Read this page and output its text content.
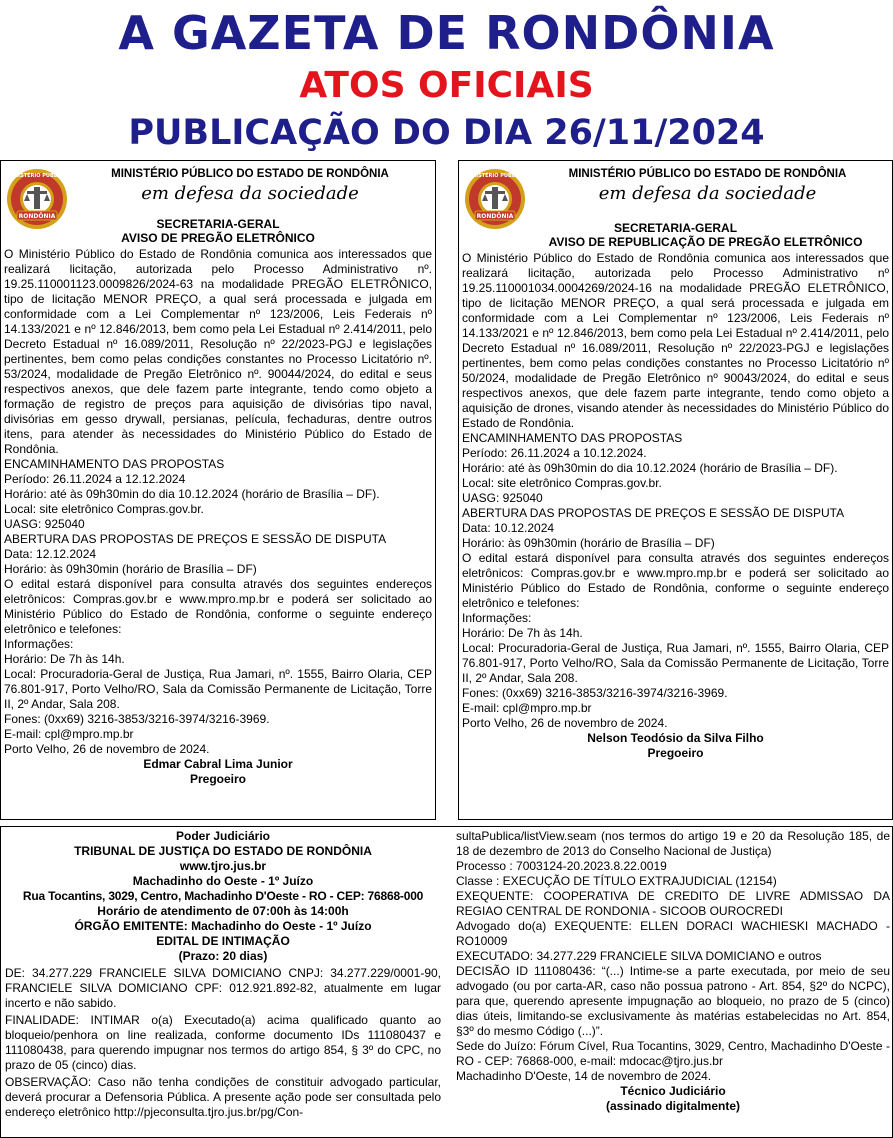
A GAZETA DE RONDÔNIA
ATOS OFICIAIS
PUBLICAÇÃO DO DIA 26/11/2024
RONDÔNIA
MINISTÉRIO PÚBLICO	MINISTÉRIO PÚBLICO DO ESTADO DE RONDÔNIA
em defesa da sociedade
SECRETARIA-GERAL
AVISO DE PREGÃO ELETRÔNICO

O Ministério Público do Estado de Rondônia comunica aos interessados que realizará licitação, autorizada pelo Processo Administrativo nº. 19.25.110001123.0009826/2024-63 na modalidade PREGÃO ELETRÔNICO, tipo de licitação MENOR PREÇO, a qual será processada e julgada em conformidade com a Lei Complementar nº 123/2006, Leis Federais nº 14.133/2021 e nº 12.846/2013, bem como pela Lei Estadual nº 2.414/2011, pelo Decreto Estadual nº 16.089/2011, Resolução nº 22/2023-PGJ e legislações pertinentes, bem como pelas condições constantes no Processo Licitatório nº. 53/2024, modalidade de Pregão Eletrônico nº. 90044/2024, do edital e seus respectivos anexos, que dele fazem parte integrante, tendo como objeto a formação de registro de preços para aquisição de divisórias tipo naval, divisórias em gesso drywall, persianas, película, fechaduras, dentre outros itens, para atender às necessidades do Ministério Público do Estado de Rondônia.

ENCAMINHAMENTO DAS PROPOSTAS

Período: 26.11.2024 a 12.12.2024

Horário: até às 09h30min do dia 10.12.2024 (horário de Brasília – DF).

Local: site eletrônico Compras.gov.br.

UASG: 925040

ABERTURA DAS PROPOSTAS DE PREÇOS E SESSÃO DE DISPUTA

Data: 12.12.2024

Horário: às 09h30min (horário de Brasília – DF)

O edital estará disponível para consulta através dos seguintes endereços eletrônicos: Compras.gov.br e www.mpro.mp.br e poderá ser solicitado ao Ministério Público do Estado de Rondônia, conforme o seguinte endereço eletrônico e telefones:

Informações:

Horário: De 7h às 14h.

Local: Procuradoria-Geral de Justiça, Rua Jamari, nº. 1555, Bairro Olaria, CEP 76.801-917, Porto Velho/RO, Sala da Comissão Permanente de Licitação, Torre II, 2º Andar, Sala 208.

Fones: (0xx69) 3216-3853/3216-3974/3216-3969.

E-mail: cpl@mpro.mp.br

Porto Velho, 26 de novembro de 2024.

Edmar Cabral Lima Junior

Pregoeiro

RONDÔNIA
MINISTÉRIO PÚBLICO	MINISTÉRIO PÚBLICO DO ESTADO DE RONDÔNIA
em defesa da sociedade
SECRETARIA-GERAL
AVISO DE REPUBLICAÇÃO DE PREGÃO ELETRÔNICO

O Ministério Público do Estado de Rondônia comunica aos interessados que realizará licitação, autorizada pelo Processo Administrativo nº 19.25.110001034.0004269/2024-16 na modalidade PREGÃO ELETRÔNICO, tipo de licitação MENOR PREÇO, a qual será processada e julgada em conformidade com a Lei Complementar nº 123/2006, Leis Federais nº 14.133/2021 e nº 12.846/2013, bem como pela Lei Estadual nº 2.414/2011, pelo Decreto Estadual nº 16.089/2011, Resolução nº 22/2023-PGJ e legislações pertinentes, bem como pelas condições constantes no Processo Licitatório nº 50/2024, modalidade de Pregão Eletrônico nº 90043/2024, do edital e seus respectivos anexos, que dele fazem parte integrante, tendo como objeto a aquisição de drones, visando atender às necessidades do Ministério Público do Estado de Rondônia.

ENCAMINHAMENTO DAS PROPOSTAS

Período: 26.11.2024 a 10.12.2024.

Horário: até às 09h30min do dia 10.12.2024 (horário de Brasília – DF).

Local: site eletrônico Compras.gov.br.

UASG: 925040

ABERTURA DAS PROPOSTAS DE PREÇOS E SESSÃO DE DISPUTA

Data: 10.12.2024

Horário: às 09h30min (horário de Brasília – DF)

O edital estará disponível para consulta através dos seguintes endereços eletrônicos: Compras.gov.br e www.mpro.mp.br e poderá ser solicitado ao Ministério Público do Estado de Rondônia, conforme o seguinte endereço eletrônico e telefones:

Informações:

Horário: De 7h às 14h.

Local: Procuradoria-Geral de Justiça, Rua Jamari, nº. 1555, Bairro Olaria, CEP 76.801-917, Porto Velho/RO, Sala da Comissão Permanente de Licitação, Torre II, 2º Andar, Sala 208.

Fones: (0xx69) 3216-3853/3216-3974/3216-3969.

E-mail: cpl@mpro.mp.br

Porto Velho, 26 de novembro de 2024.

Nelson Teodósio da Silva Filho

Pregoeiro

Poder Judiciário

TRIBUNAL DE JUSTIÇA DO ESTADO DE RONDÔNIA

www.tjro.jus.br

Machadinho do Oeste - 1º Juízo

Rua Tocantins, 3029, Centro, Machadinho D'Oeste - RO - CEP: 76868-000

Horário de atendimento de 07:00h às 14:00h

ÓRGÃO EMITENTE: Machadinho do Oeste - 1º Juízo

EDITAL DE INTIMAÇÃO

(Prazo: 20 dias)

DE: 34.277.229 FRANCIELE SILVA DOMICIANO CNPJ: 34.277.229/0001-90, FRANCIELE SILVA DOMICIANO CPF: 012.921.892-82, atualmente em lugar incerto e não sabido.

FINALIDADE: INTIMAR o(a) Executado(a) acima qualificado quanto ao bloqueio/penhora on line realizada, conforme documento IDs 111080437 e 111080438, para querendo impugnar nos termos do artigo 854, § 3º do CPC, no prazo de 05 (cinco) dias.

OBSERVAÇÃO: Caso não tenha condições de constituir advogado particular, deverá procurar a Defensoria Pública. A presente ação pode ser consultada pelo endereço eletrônico http://pjeconsulta.tjro.jus.br/pg/Con-

sultaPublica/listView.seam (nos termos do artigo 19 e 20 da Resolução 185, de 18 de dezembro de 2013 do Conselho Nacional de Justiça)

Processo : 7003124-20.2023.8.22.0019

Classe : EXECUÇÃO DE TÍTULO EXTRAJUDICIAL (12154)

EXEQUENTE: COOPERATIVA DE CREDITO DE LIVRE ADMISSAO DA REGIAO CENTRAL DE RONDONIA - SICOOB OUROCREDI

Advogado do(a) EXEQUENTE: ELLEN DORACI WACHIESKI MACHADO - RO10009

EXECUTADO: 34.277.229 FRANCIELE SILVA DOMICIANO e outros

DECISÃO ID 111080436: “(...) Intime-se a parte executada, por meio de seu advogado (ou por carta-AR, caso não possua patrono - Art. 854, §2º do NCPC), para que, querendo apresente impugnação ao bloqueio, no prazo de 5 (cinco) dias úteis, limitando-se exclusivamente às matérias estabelecidas no Art. 854, §3º do mesmo Código (...)”.

Sede do Juízo: Fórum Cível, Rua Tocantins, 3029, Centro, Machadinho D'Oeste - RO - CEP: 76868-000, e-mail: mdocac@tjro.jus.br

Machadinho D'Oeste, 14 de novembro de 2024.

Técnico Judiciário

(assinado digitalmente)
